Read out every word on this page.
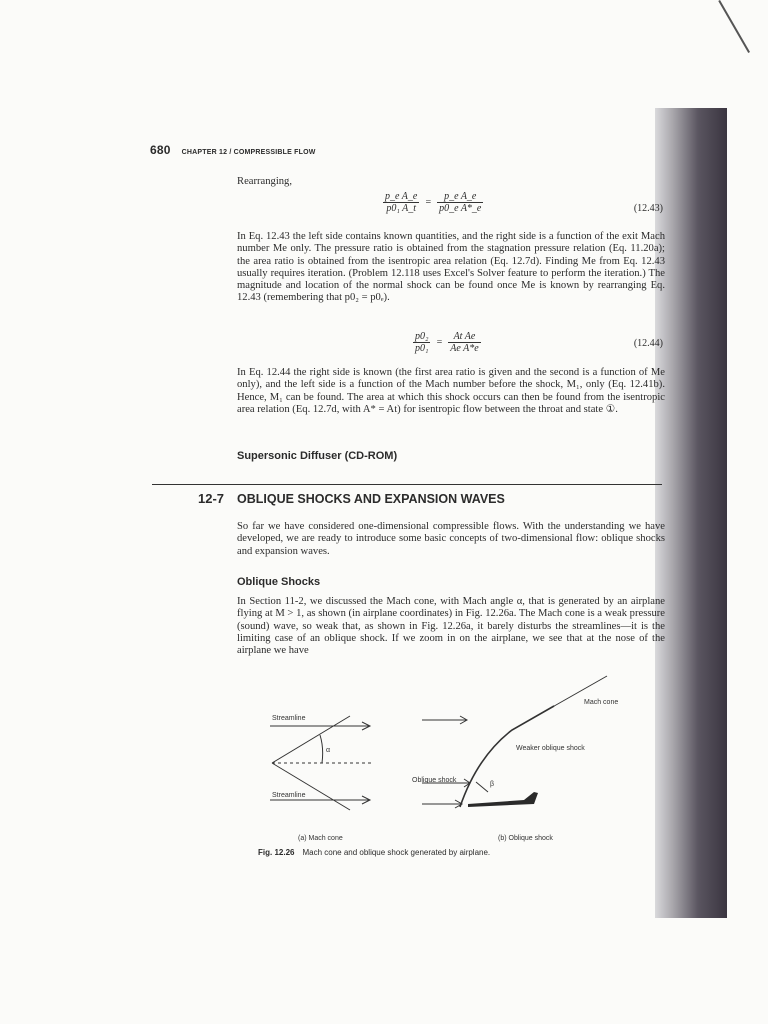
680 CHAPTER 12 / COMPRESSIBLE FLOW
Rearranging,
$\frac{\text{p\_e A\_e}}{\text{p0₁ A\_t}} = \frac{\text{p\_e A\_e}}{\text{p0\_e A*\_e}}$	(12.43)
In Eq. 12.43 the left side contains known quantities, and the right side is a function of the exit Mach number Me only. The pressure ratio is obtained from the stagnation pressure relation (Eq. 11.20a); the area ratio is obtained from the isentropic area relation (Eq. 12.7d). Finding Me from Eq. 12.43 usually requires iteration. (Problem 12.118 uses Excel's Solver feature to perform the iteration.) The magnitude and location of the normal shock can be found once Me is known by rearranging Eq. 12.43 (remembering that p0₂ = p0ₑ).
$\frac{\text{p0₂}}{\text{p0₁}} = \frac{\text{At Ae}}{\text{Ae A*e}}$	(12.44)
In Eq. 12.44 the right side is known (the first area ratio is given and the second is a function of Me only), and the left side is a function of the Mach number before the shock, M₁, only (Eq. 12.41b). Hence, M₁ can be found. The area at which this shock occurs can then be found from the isentropic area relation (Eq. 12.7d, with A* = At) for isentropic flow between the throat and state ①.
Supersonic Diffuser (CD-ROM)
12-7 OBLIQUE SHOCKS AND EXPANSION WAVES
So far we have considered one-dimensional compressible flows. With the understanding we have developed, we are ready to introduce some basic concepts of two-dimensional flow: oblique shocks and expansion waves.
Oblique Shocks
In Section 11-2, we discussed the Mach cone, with Mach angle α, that is generated by an airplane flying at M > 1, as shown (in airplane coordinates) in Fig. 12.26a. The Mach cone is a weak pressure (sound) wave, so weak that, as shown in Fig. 12.26a, it barely disturbs the streamlines—it is the limiting case of an oblique shock. If we zoom in on the airplane, we see that at the nose of the airplane we have
Streamline
Streamline
α
Mach cone
Weaker oblique shock
Oblique shock
β
(a) Mach cone	(b) Oblique shock
Fig. 12.26 Mach cone and oblique shock generated by airplane.
